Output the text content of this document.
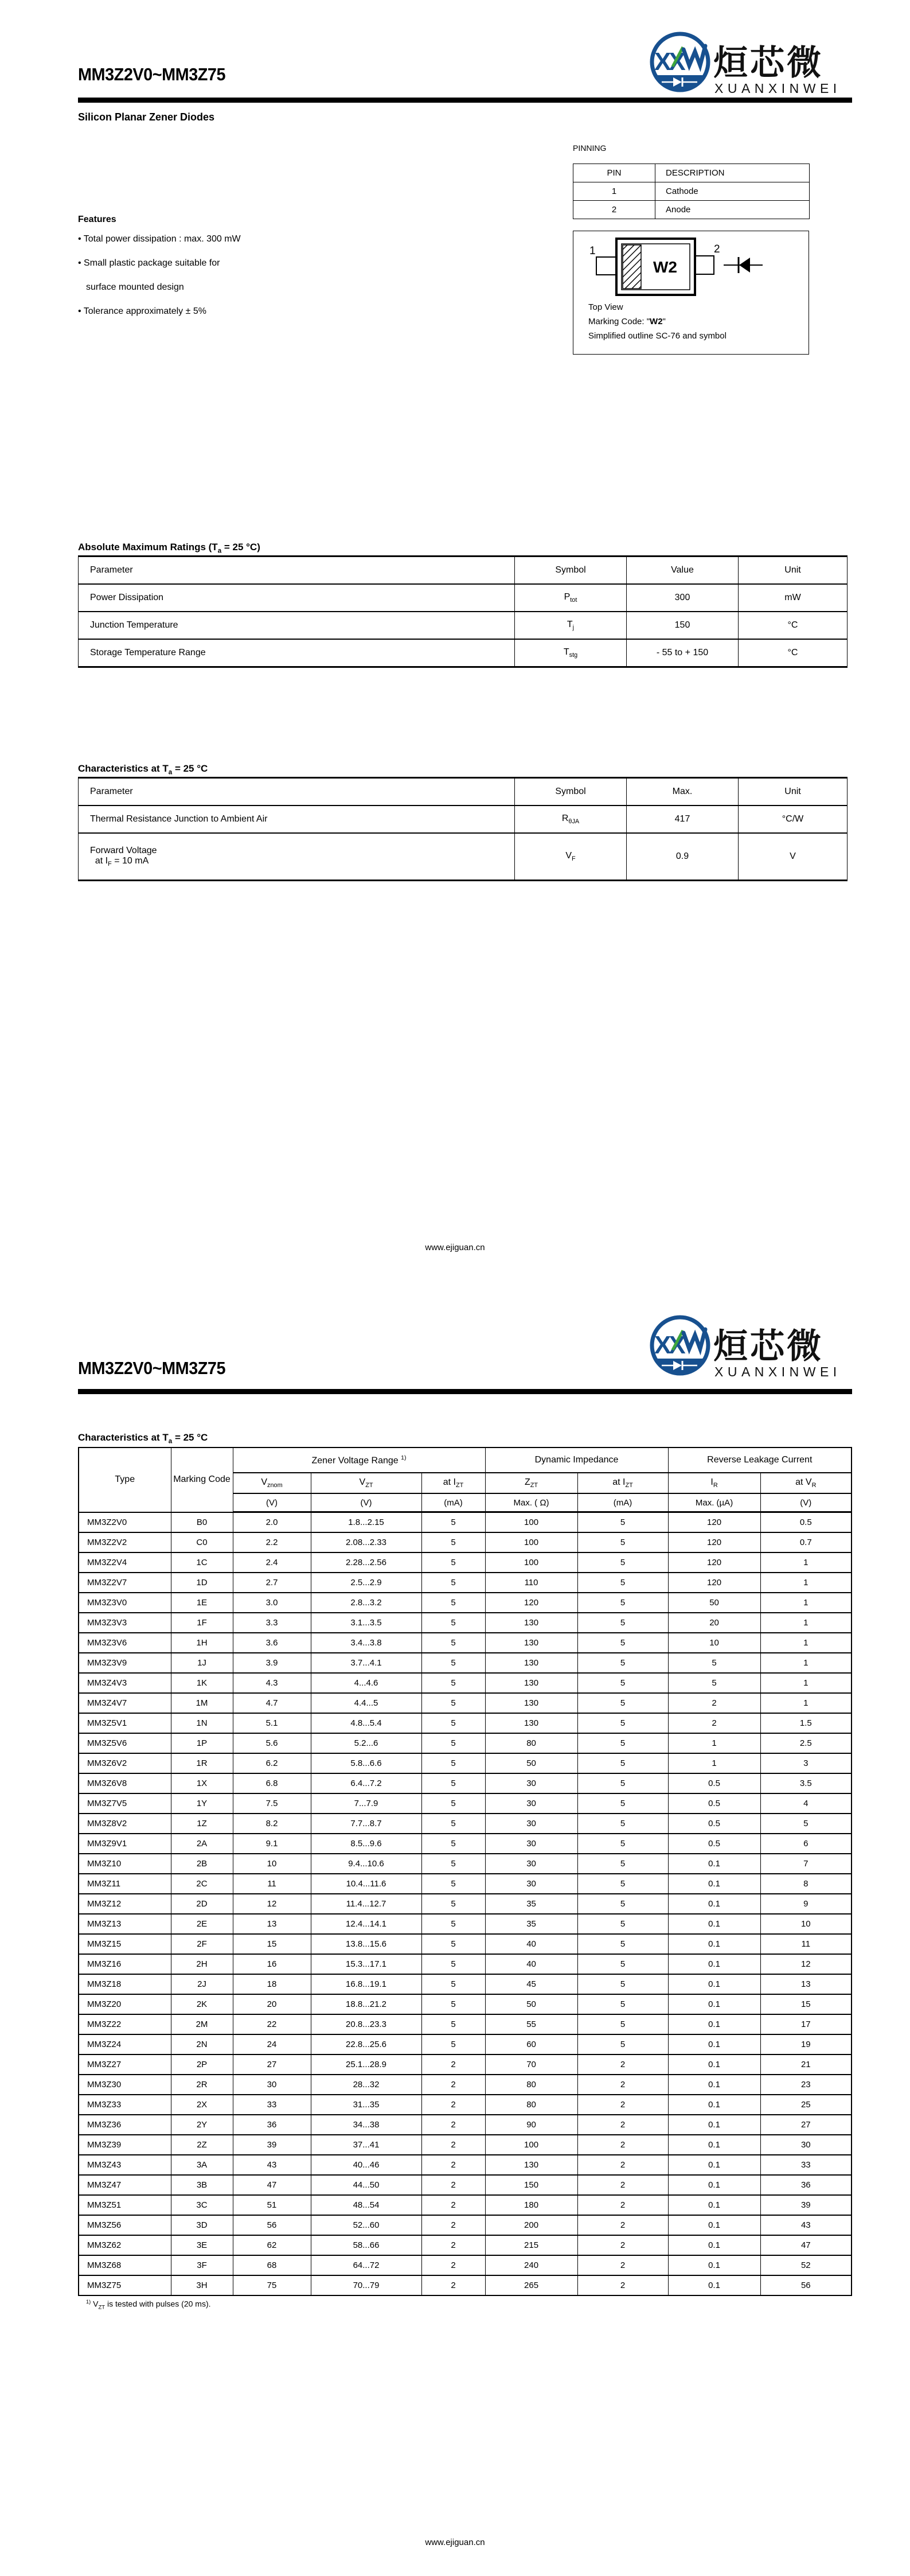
MM3Z2V0~MM3Z75	XX 烜芯微
XUANXINWEI
Silicon Planar Zener Diodes
PINNING
PIN	DESCRIPTION
1	Cathode
2	Anode
Features
• Total power dissipation : max. 300 mW
• Small plastic package suitable for
surface mounted design
• Tolerance approximately ± 5%
W2
1	2
Top View
Marking Code: "W2"
Simplified outline SC-76 and symbol
Absolute Maximum Ratings ($T_a = 25$ °C)
Parameter	Symbol	Value	Unit
Power Dissipation	$P_{tot}$	300	mW
Junction Temperature	$T_j$	150	°C
Storage Temperature Range	$T_{stg}$	- 55 to + 150	°C
Characteristics at $T_a = 25$ °C
Parameter	Symbol	Max.	Unit
Thermal Resistance Junction to Ambient Air	$R_{\theta JA}$	417	°C/W
Forward Voltage
at $I_F = 10$ mA	$V_F$	0.9	V
www.ejiguan.cn
MM3Z2V0~MM3Z75
XX 烜芯微
XUANXINWEI
Characteristics at $T_a = 25$ °C
Type	Marking Code	Zener Voltage Range $^{1)}$			Dynamic Impedance		Reverse Leakage Current	
		$V_{znom}$	$V_{ZT}$	at $I_{ZT}$	$Z_{ZT}$	at $I_{ZT}$	$I_R$	at $V_R$
		(V)	(V)	(mA)	Max. ( Ω)	(mA)	Max. (µA)	(V)
MM3Z2V0	B0	2.0	1.8...2.15	5	100	5	120	0.5
MM3Z2V2	C0	2.2	2.08...2.33	5	100	5	120	0.7
MM3Z2V4	1C	2.4	2.28...2.56	5	100	5	120	1
MM3Z2V7	1D	2.7	2.5...2.9	5	110	5	120	1
MM3Z3V0	1E	3.0	2.8...3.2	5	120	5	50	1
MM3Z3V3	1F	3.3	3.1...3.5	5	130	5	20	1
MM3Z3V6	1H	3.6	3.4...3.8	5	130	5	10	1
MM3Z3V9	1J	3.9	3.7...4.1	5	130	5	5	1
MM3Z4V3	1K	4.3	4...4.6	5	130	5	5	1
MM3Z4V7	1M	4.7	4.4...5	5	130	5	2	1
MM3Z5V1	1N	5.1	4.8...5.4	5	130	5	2	1.5
MM3Z5V6	1P	5.6	5.2...6	5	80	5	1	2.5
MM3Z6V2	1R	6.2	5.8...6.6	5	50	5	1	3
MM3Z6V8	1X	6.8	6.4...7.2	5	30	5	0.5	3.5
MM3Z7V5	1Y	7.5	7...7.9	5	30	5	0.5	4
MM3Z8V2	1Z	8.2	7.7...8.7	5	30	5	0.5	5
MM3Z9V1	2A	9.1	8.5...9.6	5	30	5	0.5	6
MM3Z10	2B	10	9.4...10.6	5	30	5	0.1	7
MM3Z11	2C	11	10.4...11.6	5	30	5	0.1	8
MM3Z12	2D	12	11.4...12.7	5	35	5	0.1	9
MM3Z13	2E	13	12.4...14.1	5	35	5	0.1	10
MM3Z15	2F	15	13.8...15.6	5	40	5	0.1	11
MM3Z16	2H	16	15.3...17.1	5	40	5	0.1	12
MM3Z18	2J	18	16.8...19.1	5	45	5	0.1	13
MM3Z20	2K	20	18.8...21.2	5	50	5	0.1	15
MM3Z22	2M	22	20.8...23.3	5	55	5	0.1	17
MM3Z24	2N	24	22.8...25.6	5	60	5	0.1	19
MM3Z27	2P	27	25.1...28.9	2	70	2	0.1	21
MM3Z30	2R	30	28...32	2	80	2	0.1	23
MM3Z33	2X	33	31...35	2	80	2	0.1	25
MM3Z36	2Y	36	34...38	2	90	2	0.1	27
MM3Z39	2Z	39	37...41	2	100	2	0.1	30
MM3Z43	3A	43	40...46	2	130	2	0.1	33
MM3Z47	3B	47	44...50	2	150	2	0.1	36
MM3Z51	3C	51	48...54	2	180	2	0.1	39
MM3Z56	3D	56	52...60	2	200	2	0.1	43
MM3Z62	3E	62	58...66	2	215	2	0.1	47
MM3Z68	3F	68	64...72	2	240	2	0.1	52
MM3Z75	3H	75	70...79	2	265	2	0.1	56
$^{1)}$ $V_{ZT}$ is tested with pulses (20 ms).
www.ejiguan.cn
